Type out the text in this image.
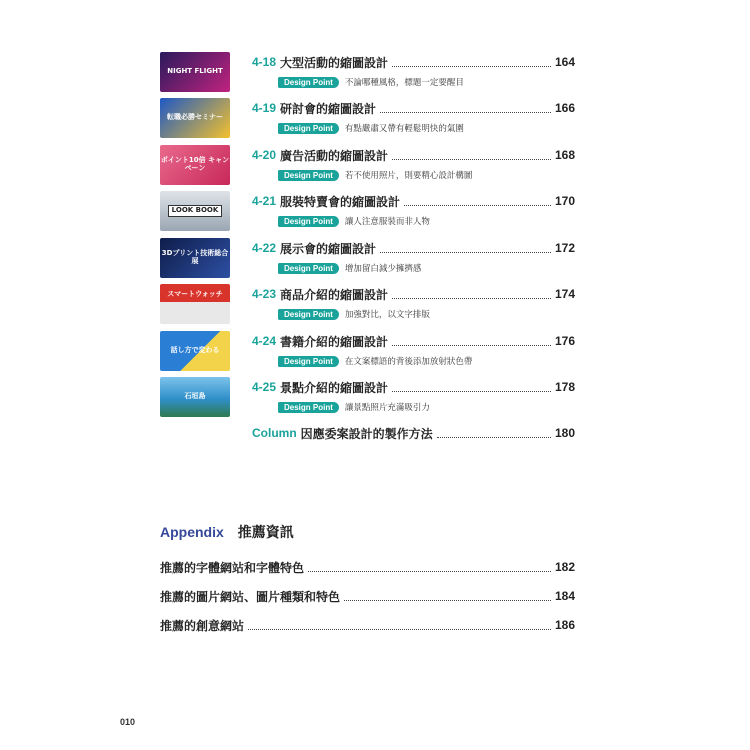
NIGHT FLIGHT
4-18 大型活動的縮圖設計	164
Design Point	不論哪種風格，標題一定要醒目
転職必勝セミナー
4-19 研討會的縮圖設計	166
Design Point	有點嚴肅又帶有輕鬆明快的氣圍
ポイント10倍 キャンペーン
4-20 廣告活動的縮圖設計	168
Design Point	若不使用照片，則要精心設計構圖
LOOK BOOK
4-21 服裝特賣會的縮圖設計	170
Design Point	讓人注意服裝而非人物
3Dプリント技術総合展
4-22 展示會的縮圖設計	172
Design Point	增加留白減少擁擠感
スマートウォッチ 4-23 商品介紹的縮圖設計	174
Design Point	加強對比，以文字排版
話し方で変わる
4-24 書籍介紹的縮圖設計	176
Design Point	在文案標語的背後添加放射狀色帶
石垣島
4-25 景點介紹的縮圖設計	178
Design Point	讓景點照片充滿吸引力
Column 因應委案設計的製作方法	180
Appendix 推薦資訊
推薦的字體網站和字體特色	182
推薦的圖片網站、圖片種類和特色	184
推薦的創意網站	186
010
